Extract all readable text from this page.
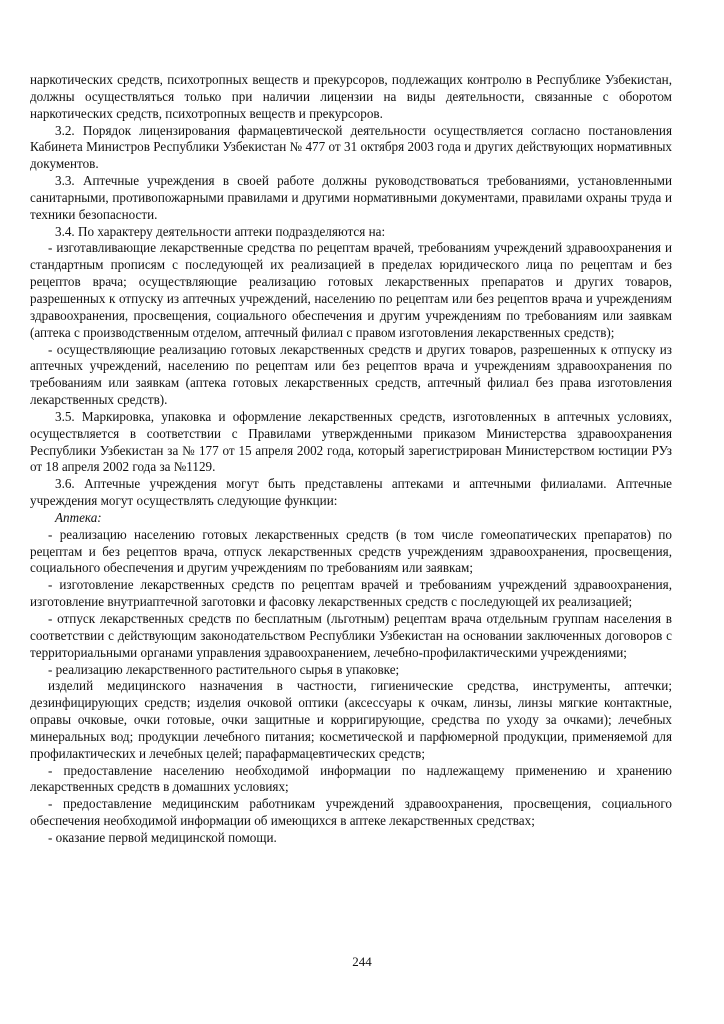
наркотических средств, психотропных веществ и прекурсоров, подлежащих контролю в Республике Узбекистан, должны осуществляться только при наличии лицензии на виды деятельности, связанные с оборотом наркотических средств, психотропных веществ и прекурсоров.

3.2. Порядок лицензирования фармацевтической деятельности осуществляется согласно постановления Кабинета Министров Республики Узбекистан № 477 от 31 октября 2003 года и других действующих нормативных документов.

3.3. Аптечные учреждения в своей работе должны руководствоваться требованиями, установленными санитарными, противопожарными правилами и другими нормативными документами, правилами охраны труда и техники безопасности.

3.4. По характеру деятельности аптеки подразделяются на:

- изготавливающие лекарственные средства по рецептам врачей, требованиям учреждений здравоохранения и стандартным прописям с последующей их реализацией в пределах юридического лица по рецептам и без рецептов врача; осуществляющие реализацию готовых лекарственных препаратов и других товаров, разрешенных к отпуску из аптечных учреждений, населению по рецептам или без рецептов врача и учреждениям здравоохранения, просвещения, социального обеспечения и другим учреждениям по требованиям или заявкам (аптека с производственным отделом, аптечный филиал с правом изготовления лекарственных средств);

- осуществляющие реализацию готовых лекарственных средств и других товаров, разрешенных к отпуску из аптечных учреждений, населению по рецептам или без рецептов врача и учреждениям здравоохранения по требованиям или заявкам (аптека готовых лекарственных средств, аптечный филиал без права изготовления лекарственных средств).

3.5. Маркировка, упаковка и оформление лекарственных средств, изготовленных в аптечных условиях, осуществляется в соответствии с Правилами утвержденными приказом Министерства здравоохранения Республики Узбекистан за № 177 от 15 апреля 2002 года, который зарегистрирован Министерством юстиции РУз от 18 апреля 2002 года за №1129.

3.6. Аптечные учреждения могут быть представлены аптеками и аптечными филиалами. Аптечные учреждения могут осуществлять следующие функции:

Аптека:

- реализацию населению готовых лекарственных средств (в том числе гомеопатических препаратов) по рецептам и без рецептов врача, отпуск лекарственных средств учреждениям здравоохранения, просвещения, социального обеспечения и другим учреждениям по требованиям или заявкам;

- изготовление лекарственных средств по рецептам врачей и требованиям учреждений здравоохранения, изготовление внутриаптечной заготовки и фасовку лекарственных средств с последующей их реализацией;

- отпуск лекарственных средств по бесплатным (льготным) рецептам врача отдельным группам населения в соответствии с действующим законодательством Республики Узбекистан на основании заключенных договоров с территориальными органами управления здравоохранением, лечебно-профилактическими учреждениями;

- реализацию лекарственного растительного сырья в упаковке;

изделий медицинского назначения в частности, гигиенические средства, инструменты, аптечки; дезинфицирующих средств; изделия очковой оптики (аксессуары к очкам, линзы, линзы мягкие контактные, оправы очковые, очки готовые, очки защитные и корригирующие, средства по уходу за очками); лечебных минеральных вод; продукции лечебного питания; косметической и парфюмерной продукции, применяемой для профилактических и лечебных целей; парафармацевтических средств;

- предоставление населению необходимой информации по надлежащему применению и хранению лекарственных средств в домашних условиях;

- предоставление медицинским работникам учреждений здравоохранения, просвещения, социального обеспечения необходимой информации об имеющихся в аптеке лекарственных средствах;

- оказание первой медицинской помощи.

244
